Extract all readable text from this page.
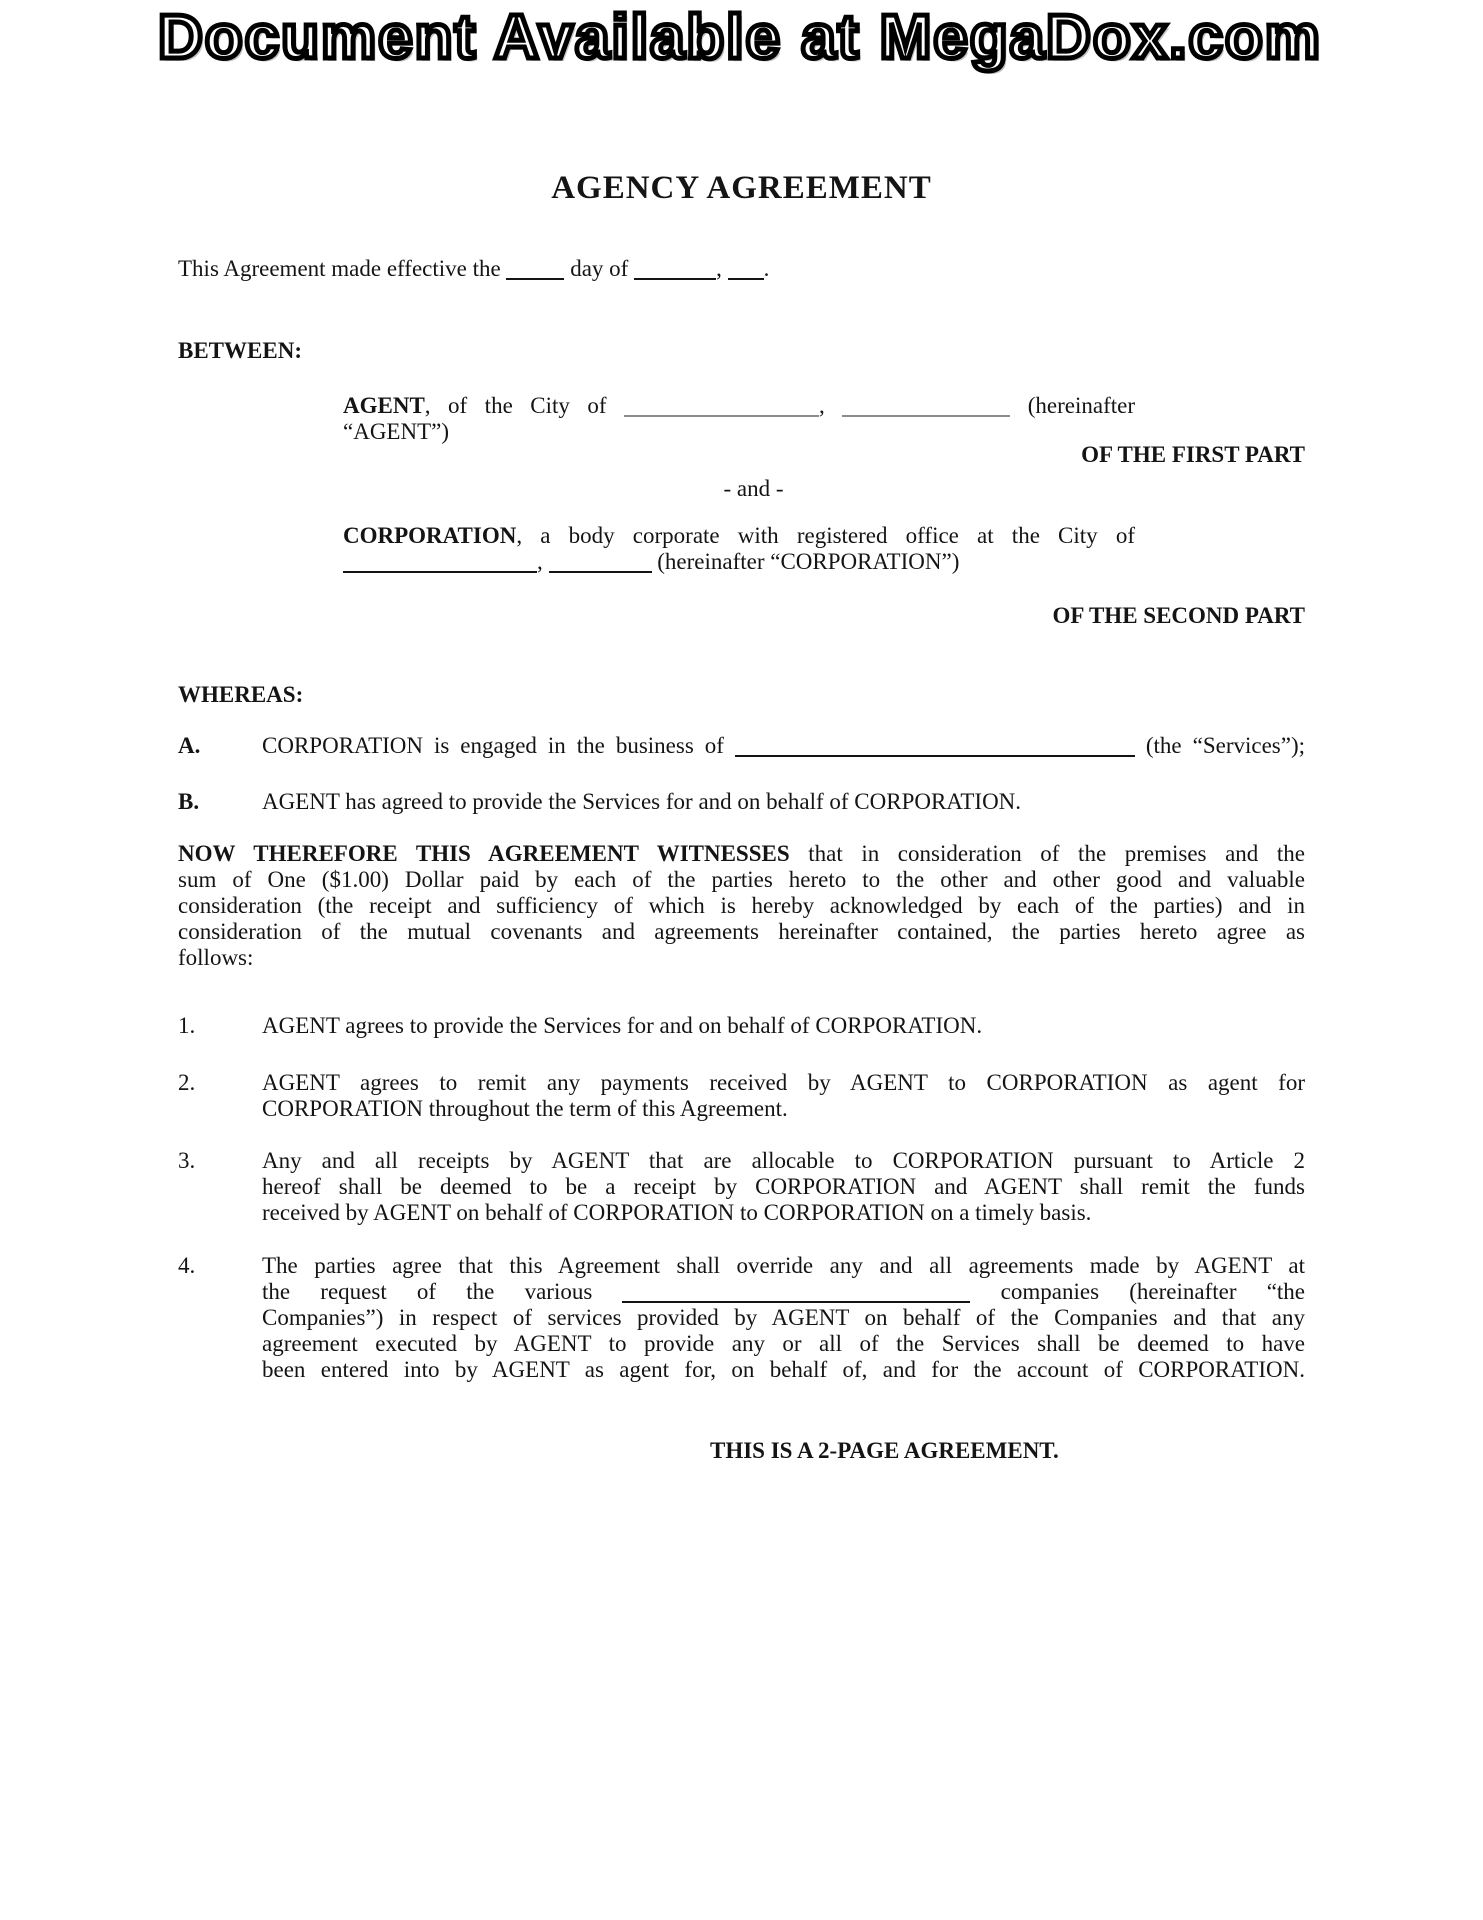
Document Available at MegaDox.com
AGENCY AGREEMENT
This Agreement made effective the	day of	, .
BETWEEN:
AGENT, of the City of	,	(hereinafter
“AGENT”)
OF THE FIRST PART
- and -
CORPORATION, a body corporate with registered office at the City of
,	(hereinafter “CORPORATION”)
OF THE SECOND PART
WHEREAS:
A.	CORPORATION is engaged in the business of	(the “Services”);
B.	AGENT has agreed to provide the Services for and on behalf of CORPORATION.
NOW THEREFORE THIS AGREEMENT WITNESSES that in consideration of the premises and the
sum of One ($1.00) Dollar paid by each of the parties hereto to the other and other good and valuable
consideration (the receipt and sufficiency of which is hereby acknowledged by each of the parties) and in
consideration of the mutual covenants and agreements hereinafter contained, the parties hereto agree as
follows:
1.	AGENT agrees to provide the Services for and on behalf of CORPORATION.
2.	AGENT agrees to remit any payments received by AGENT to CORPORATION as agent for
CORPORATION throughout the term of this Agreement.
3.	Any and all receipts by AGENT that are allocable to CORPORATION pursuant to Article 2
hereof shall be deemed to be a receipt by CORPORATION and AGENT shall remit the funds
received by AGENT on behalf of CORPORATION to CORPORATION on a timely basis.
4.	The parties agree that this Agreement shall override any and all agreements made by AGENT at
the request of the various	companies (hereinafter “the
Companies”) in respect of services provided by AGENT on behalf of the Companies and that any
agreement executed by AGENT to provide any or all of the Services shall be deemed to have
been entered into by AGENT as agent for, on behalf of, and for the account of CORPORATION.
THIS IS A 2-PAGE AGREEMENT.
